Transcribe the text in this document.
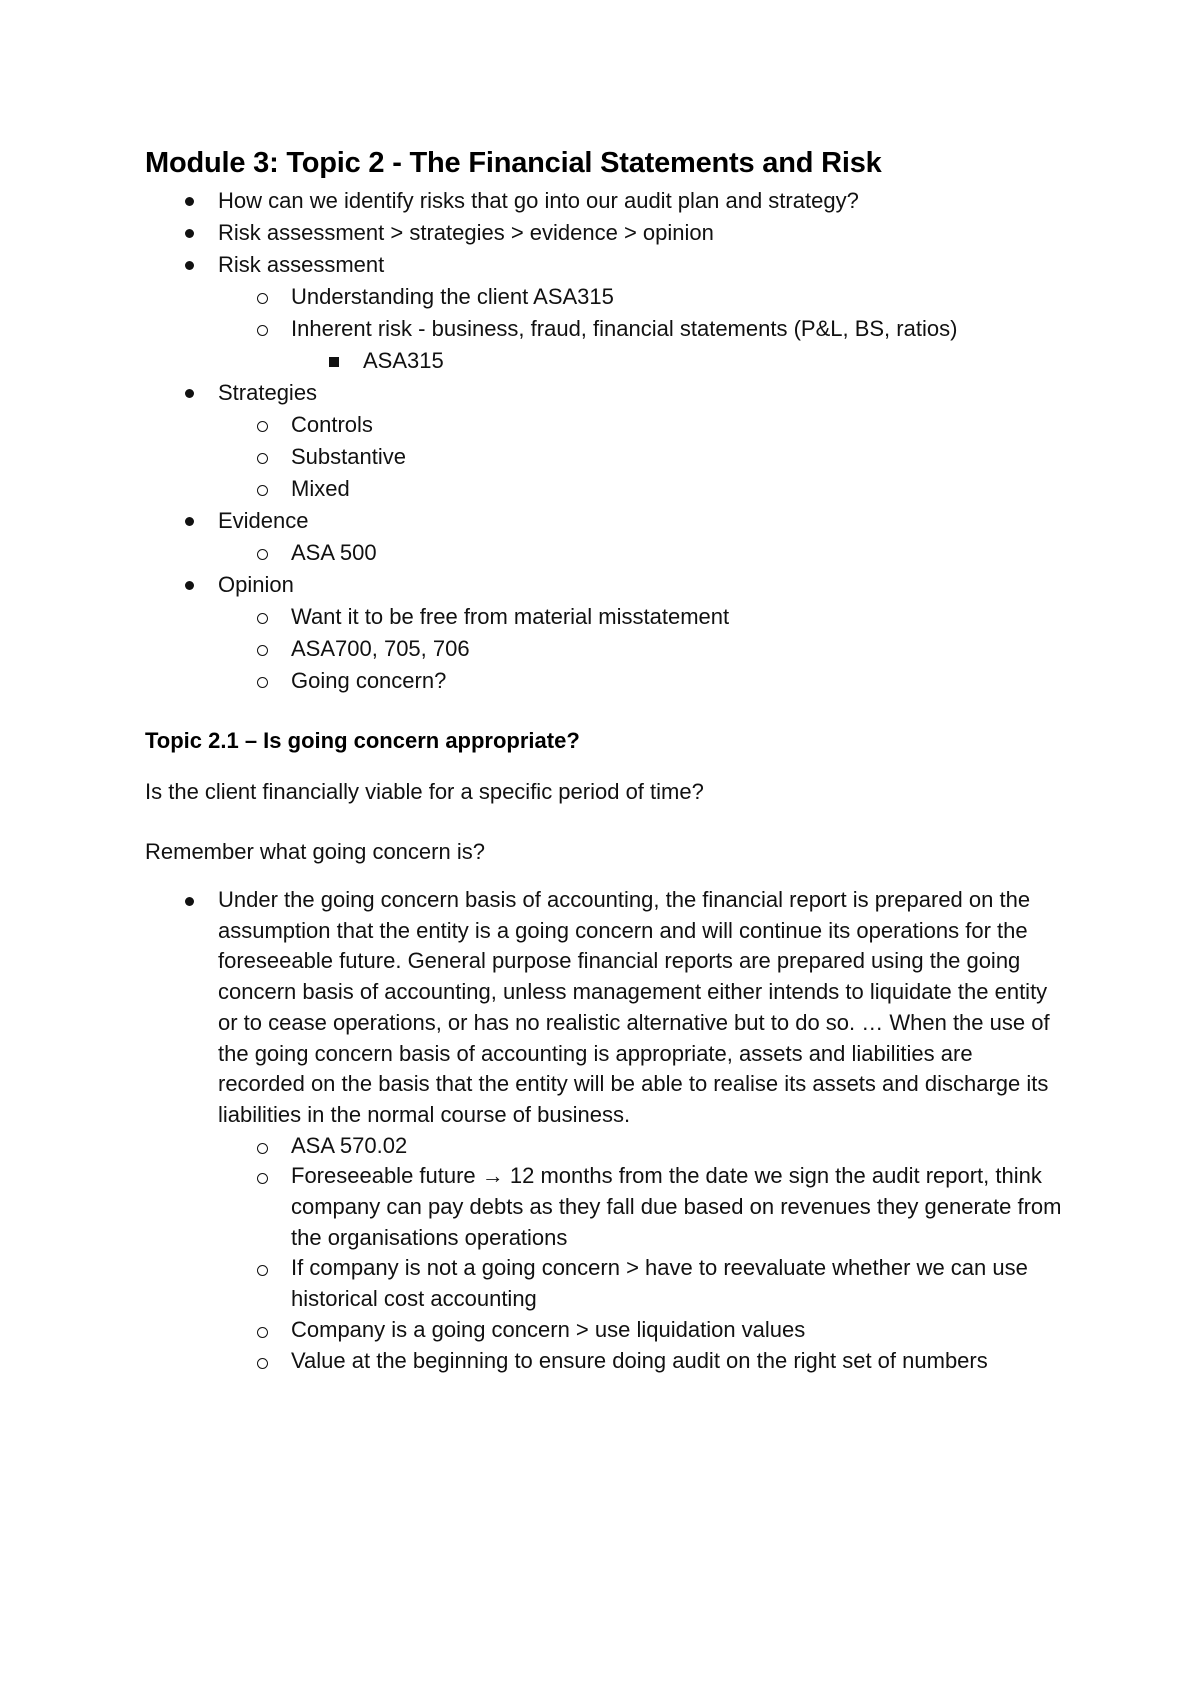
Module 3: Topic 2 - The Financial Statements and Risk
How can we identify risks that go into our audit plan and strategy?
Risk assessment > strategies > evidence > opinion
Risk assessment
Understanding the client ASA315
Inherent risk - business, fraud, financial statements (P&L, BS, ratios)
ASA315
Strategies
Controls
Substantive
Mixed
Evidence
ASA 500
Opinion
Want it to be free from material misstatement
ASA700, 705, 706
Going concern?
Topic 2.1 – Is going concern appropriate?

Is the client financially viable for a specific period of time?

Remember what going concern is?

Under the going concern basis of accounting, the financial report is prepared on the assumption that the entity is a going concern and will continue its operations for the foreseeable future. General purpose financial reports are prepared using the going concern basis of accounting, unless management either intends to liquidate the entity or to cease operations, or has no realistic alternative but to do so. … When the use of the going concern basis of accounting is appropriate, assets and liabilities are recorded on the basis that the entity will be able to realise its assets and discharge its liabilities in the normal course of business.
ASA 570.02
Foreseeable future → 12 months from the date we sign the audit report, think company can pay debts as they fall due based on revenues they generate from the organisations operations
If company is not a going concern > have to reevaluate whether we can use historical cost accounting
Company is a going concern > use liquidation values
Value at the beginning to ensure doing audit on the right set of numbers
